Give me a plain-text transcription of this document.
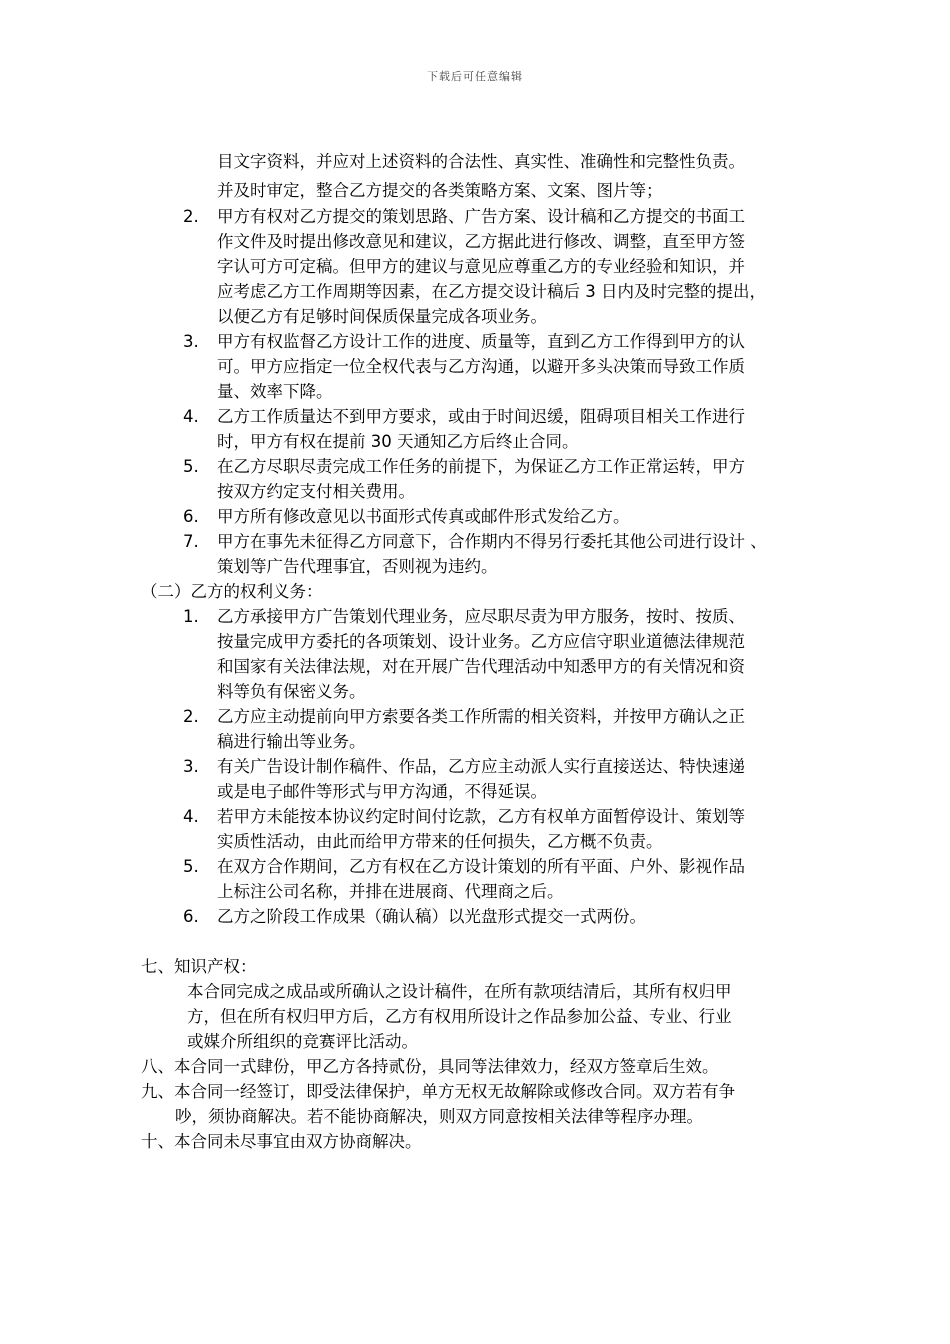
下载后可任意编辑
目文字资料，并应对上述资料的合法性、真实性、准确性和完整性负责。
并及时审定，整合乙方提交的各类策略方案、文案、图片等；
2. 甲方有权对乙方提交的策划思路、广告方案、设计稿和乙方提交的书面工
作文件及时提出修改意见和建议，乙方据此进行修改、调整，直至甲方签
字认可方可定稿。但甲方的建议与意见应尊重乙方的专业经验和知识，并
应考虑乙方工作周期等因素，在乙方提交设计稿后 3 日内及时完整的提出，
以便乙方有足够时间保质保量完成各项业务。
3. 甲方有权监督乙方设计工作的进度、质量等，直到乙方工作得到甲方的认
可。甲方应指定一位全权代表与乙方沟通，以避开多头决策而导致工作质
量、效率下降。
4. 乙方工作质量达不到甲方要求，或由于时间迟缓，阻碍项目相关工作进行
时，甲方有权在提前 30 天通知乙方后终止合同。
5. 在乙方尽职尽责完成工作任务的前提下，为保证乙方工作正常运转，甲方
按双方约定支付相关费用。
6. 甲方所有修改意见以书面形式传真或邮件形式发给乙方。
7. 甲方在事先未征得乙方同意下，合作期内不得另行委托其他公司进行设计 、
策划等广告代理事宜，否则视为违约。
（二）乙方的权利义务：
1. 乙方承接甲方广告策划代理业务，应尽职尽责为甲方服务，按时、按质、
按量完成甲方委托的各项策划、设计业务。乙方应信守职业道德法律规范
和国家有关法律法规，对在开展广告代理活动中知悉甲方的有关情况和资
料等负有保密义务。
2. 乙方应主动提前向甲方索要各类工作所需的相关资料，并按甲方确认之正
稿进行输出等业务。
3. 有关广告设计制作稿件、作品，乙方应主动派人实行直接送达、特快速递
或是电子邮件等形式与甲方沟通，不得延误。
4. 若甲方未能按本协议约定时间付讫款，乙方有权单方面暂停设计、策划等
实质性活动，由此而给甲方带来的任何损失，乙方概不负责。
5. 在双方合作期间，乙方有权在乙方设计策划的所有平面、户外、影视作品
上标注公司名称，并排在进展商、代理商之后。
6. 乙方之阶段工作成果（确认稿）以光盘形式提交一式两份。
七、知识产权：
本合同完成之成品或所确认之设计稿件，在所有款项结清后，其所有权归甲
方，但在所有权归甲方后，乙方有权用所设计之作品参加公益、专业、行业
或媒介所组织的竞赛评比活动。
八、本合同一式肆份，甲乙方各持贰份，具同等法律效力，经双方签章后生效。
九、本合同一经签订，即受法律保护，单方无权无故解除或修改合同。双方若有争
吵，须协商解决。若不能协商解决，则双方同意按相关法律等程序办理。
十、本合同未尽事宜由双方协商解决。
